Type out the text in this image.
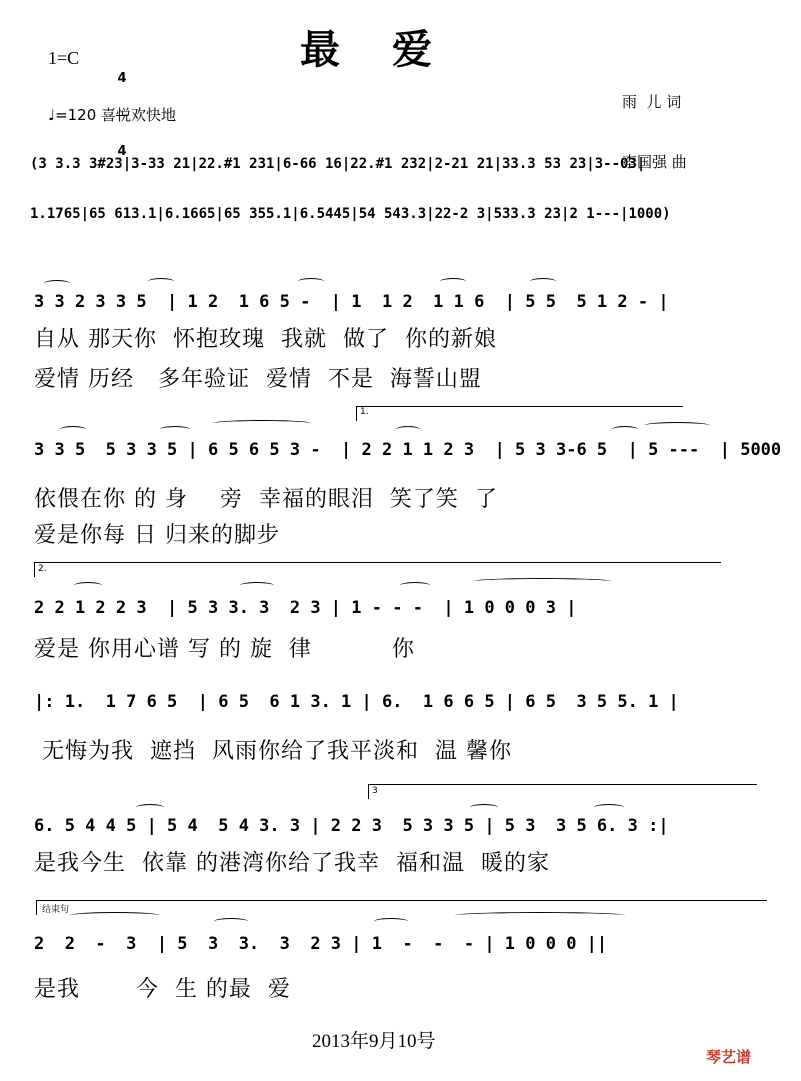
1=C

4

4

最爱

雨  儿 词

李国强 曲

♩=120 喜悦欢快地
(3 3.3 3#23|3-33 21|22.#1 231|6-66 16|22.#1 232|2-21 21|33.3 53 23|3--03|
1.1765|65 613.1|6.1665|65 355.1|6.5445|54 543.3|22-2 3|533.3 23|2 1---|1000)
3 3 2 3 3 5  | 1 2  1 6 5 -  | 1  1 2  1 1 6  | 5 5  5 1 2 - |
自从 那天你  怀抱玫瑰  我就  做了  你的新娘
爱情 历经   多年验证  爱情  不是  海誓山盟
1.
3 3 5  5 3 3 5 | 6 5 6 5 3 -  | 2 2 1 1 2 3  | 5 3 3-6 5  | 5 ---  | 5000
依偎在你 的 身    旁  幸福的眼泪  笑了笑  了
爱是你每 日 归来的脚步
2.
2 2 1 2 2 3  | 5 3 3. 3  2 3 | 1 - - -  | 1 0 0 0 3 |
爱是 你用心谱 写 的 旋  律          你
|: 1.  1 7 6 5  | 6 5  6 1 3. 1 | 6.  1 6 6 5 | 6 5  3 5 5. 1 |
无悔为我  遮挡  风雨你给了我平淡和  温 馨你
3
6. 5 4 4 5 | 5 4  5 4 3. 3 | 2 2 3  5 3 3 5 | 5 3  3 5 6. 3 :|
是我今生  依靠 的港湾你给了我幸  福和温  暖的家
结束句
2  2  -  3  | 5  3  3.  3  2 3 | 1  -  -  - | 1 0 0 0 ||
是我       今  生 的最  爱
2013年9月10号
琴艺谱
